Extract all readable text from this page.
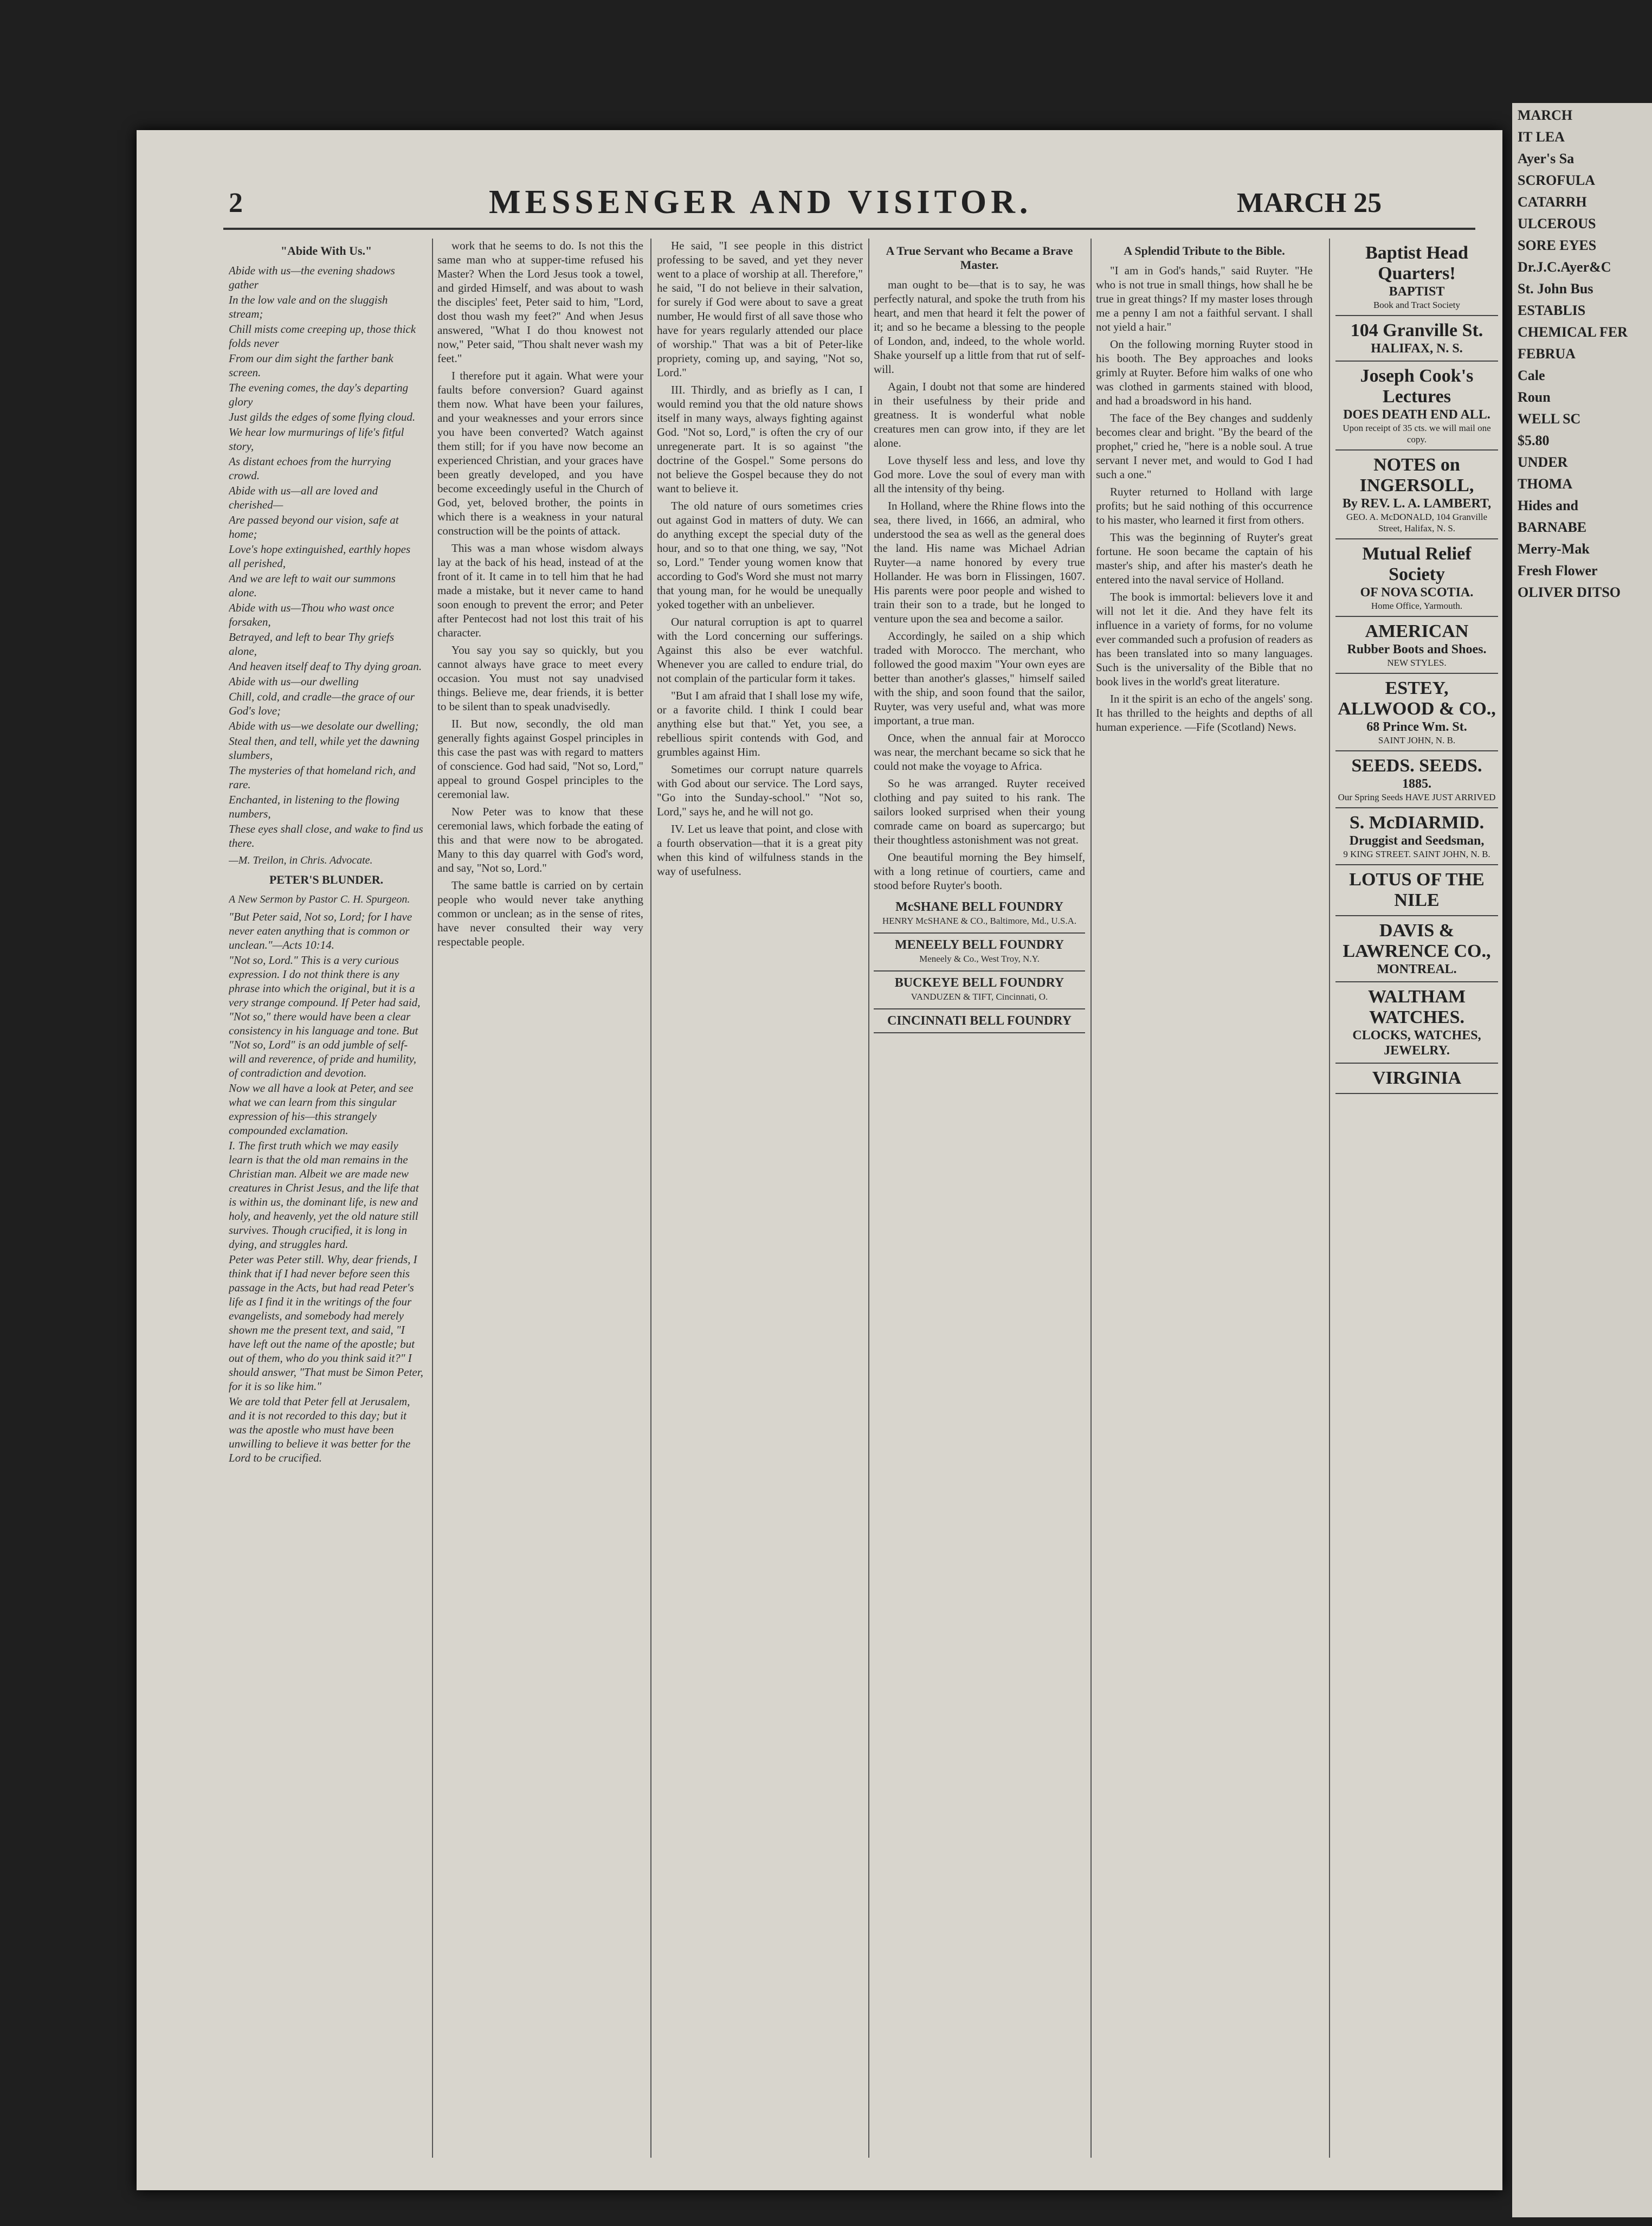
2	MESSENGER AND VISITOR.	MARCH 25
"Abide With Us."

Abide with us—the evening shadows gather

In the low vale and on the sluggish stream;

Chill mists come creeping up, those thick folds never

From our dim sight the farther bank screen.

The evening comes, the day's departing glory

Just gilds the edges of some flying cloud.

We hear low murmurings of life's fitful story,

As distant echoes from the hurrying crowd.

Abide with us—all are loved and cherished—

Are passed beyond our vision, safe at home;

Love's hope extinguished, earthly hopes all perished,

And we are left to wait our summons alone.

Abide with us—Thou who wast once forsaken,

Betrayed, and left to bear Thy griefs alone,

And heaven itself deaf to Thy dying groan.

Abide with us—our dwelling

Chill, cold, and cradle—the grace of our God's love;

Abide with us—we desolate our dwelling;

Steal then, and tell, while yet the dawning slumbers,

The mysteries of that homeland rich, and rare.

Enchanted, in listening to the flowing numbers,

These eyes shall close, and wake to find us there.

—M. Treilon, in Chris. Advocate.

PETER'S BLUNDER.

A New Sermon by Pastor C. H. Spurgeon.

"But Peter said, Not so, Lord; for I have never eaten anything that is common or unclean."—Acts 10:14.

"Not so, Lord." This is a very curious expression. I do not think there is any phrase into which the original, but it is a very strange compound. If Peter had said, "Not so," there would have been a clear consistency in his language and tone. But "Not so, Lord" is an odd jumble of self-will and reverence, of pride and humility, of contradiction and devotion.

Now we all have a look at Peter, and see what we can learn from this singular expression of his—this strangely compounded exclamation.

I. The first truth which we may easily learn is that the old man remains in the Christian man. Albeit we are made new creatures in Christ Jesus, and the life that is within us, the dominant life, is new and holy, and heavenly, yet the old nature still survives. Though crucified, it is long in dying, and struggles hard.

Peter was Peter still. Why, dear friends, I think that if I had never before seen this passage in the Acts, but had read Peter's life as I find it in the writings of the four evangelists, and somebody had merely shown me the present text, and said, "I have left out the name of the apostle; but out of them, who do you think said it?" I should answer, "That must be Simon Peter, for it is so like him."

We are told that Peter fell at Jerusalem, and it is not recorded to this day; but it was the apostle who must have been unwilling to believe it was better for the Lord to be crucified.

work that he seems to do. Is not this the same man who at supper-time refused his Master? When the Lord Jesus took a towel, and girded Himself, and was about to wash the disciples' feet, Peter said to him, "Lord, dost thou wash my feet?" And when Jesus answered, "What I do thou knowest not now," Peter said, "Thou shalt never wash my feet."

I therefore put it again. What were your faults before conversion? Guard against them now. What have been your failures, and your weaknesses and your errors since you have been converted? Watch against them still; for if you have now become an experienced Christian, and your graces have been greatly developed, and you have become exceedingly useful in the Church of God, yet, beloved brother, the points in which there is a weakness in your natural construction will be the points of attack.

This was a man whose wisdom always lay at the back of his head, instead of at the front of it. It came in to tell him that he had made a mistake, but it never came to hand soon enough to prevent the error; and Peter after Pentecost had not lost this trait of his character.

You say you say so quickly, but you cannot always have grace to meet every occasion. You must not say unadvised things. Believe me, dear friends, it is better to be silent than to speak unadvisedly.

II. But now, secondly, the old man generally fights against Gospel principles in this case the past was with regard to matters of conscience. God had said, "Not so, Lord," appeal to ground Gospel principles to the ceremonial law.

Now Peter was to know that these ceremonial laws, which forbade the eating of this and that were now to be abrogated. Many to this day quarrel with God's word, and say, "Not so, Lord."

The same battle is carried on by certain people who would never take anything common or unclean; as in the sense of rites, have never consulted their way very respectable people.

He said, "I see people in this district professing to be saved, and yet they never went to a place of worship at all. Therefore," he said, "I do not believe in their salvation, for surely if God were about to save a great number, He would first of all save those who have for years regularly attended our place of worship." That was a bit of Peter-like propriety, coming up, and saying, "Not so, Lord."

III. Thirdly, and as briefly as I can, I would remind you that the old nature shows itself in many ways, always fighting against God. "Not so, Lord," is often the cry of our unregenerate part. It is so against "the doctrine of the Gospel." Some persons do not believe the Gospel because they do not want to believe it.

The old nature of ours sometimes cries out against God in matters of duty. We can do anything except the special duty of the hour, and so to that one thing, we say, "Not so, Lord." Tender young women know that according to God's Word she must not marry that young man, for he would be unequally yoked together with an unbeliever.

Our natural corruption is apt to quarrel with the Lord concerning our sufferings. Against this also be ever watchful. Whenever you are called to endure trial, do not complain of the particular form it takes.

"But I am afraid that I shall lose my wife, or a favorite child. I think I could bear anything else but that." Yet, you see, a rebellious spirit contends with God, and grumbles against Him.

Sometimes our corrupt nature quarrels with God about our service. The Lord says, "Go into the Sunday-school." "Not so, Lord," says he, and he will not go.

IV. Let us leave that point, and close with a fourth observation—that it is a great pity when this kind of wilfulness stands in the way of usefulness.

A True Servant who Became a Brave Master.

man ought to be—that is to say, he was perfectly natural, and spoke the truth from his heart, and men that heard it felt the power of it; and so he became a blessing to the people of London, and, indeed, to the whole world. Shake yourself up a little from that rut of self-will.

Again, I doubt not that some are hindered in their usefulness by their pride and greatness. It is wonderful what noble creatures men can grow into, if they are let alone.

Love thyself less and less, and love thy God more. Love the soul of every man with all the intensity of thy being.

In Holland, where the Rhine flows into the sea, there lived, in 1666, an admiral, who understood the sea as well as the general does the land. His name was Michael Adrian Ruyter—a name honored by every true Hollander. He was born in Flissingen, 1607. His parents were poor people and wished to train their son to a trade, but he longed to venture upon the sea and become a sailor.

Accordingly, he sailed on a ship which traded with Morocco. The merchant, who followed the good maxim "Your own eyes are better than another's glasses," himself sailed with the ship, and soon found that the sailor, Ruyter, was very useful and, what was more important, a true man.

Once, when the annual fair at Morocco was near, the merchant became so sick that he could not make the voyage to Africa.

So he was arranged. Ruyter received clothing and pay suited to his rank. The sailors looked surprised when their young comrade came on board as supercargo; but their thoughtless astonishment was not great.

One beautiful morning the Bey himself, with a long retinue of courtiers, came and stood before Ruyter's booth.

McSHANE BELL FOUNDRY
HENRY McSHANE & CO., Baltimore, Md., U.S.A.
MENEELY BELL FOUNDRY
Meneely & Co., West Troy, N.Y.
BUCKEYE BELL FOUNDRY
VANDUZEN & TIFT, Cincinnati, O.
CINCINNATI BELL FOUNDRY
A Splendid Tribute to the Bible.

"I am in God's hands," said Ruyter. "He who is not true in small things, how shall he be true in great things? If my master loses through me a penny I am not a faithful servant. I shall not yield a hair."

On the following morning Ruyter stood in his booth. The Bey approaches and looks grimly at Ruyter. Before him walks of one who was clothed in garments stained with blood, and had a broadsword in his hand.

The face of the Bey changes and suddenly becomes clear and bright. "By the beard of the prophet," cried he, "here is a noble soul. A true servant I never met, and would to God I had such a one."

Ruyter returned to Holland with large profits; but he said nothing of this occurrence to his master, who learned it first from others.

This was the beginning of Ruyter's great fortune. He soon became the captain of his master's ship, and after his master's death he entered into the naval service of Holland.

The book is immortal: believers love it and will not let it die. And they have felt its influence in a variety of forms, for no volume ever commanded such a profusion of readers as has been translated into so many languages. Such is the universality of the Bible that no book lives in the world's great literature.

In it the spirit is an echo of the angels' song. It has thrilled to the heights and depths of all human experience. —Fife (Scotland) News.

Baptist Head Quarters!
BAPTIST
Book and Tract Society
104 Granville St.
HALIFAX, N. S.
Joseph Cook's Lectures
DOES DEATH END ALL.
Upon receipt of 35 cts. we will mail one copy.
NOTES on INGERSOLL,
By REV. L. A. LAMBERT,
GEO. A. McDONALD, 104 Granville Street, Halifax, N. S.
Mutual Relief Society
OF NOVA SCOTIA.
Home Office, Yarmouth.
AMERICAN
Rubber Boots and Shoes.
NEW STYLES.
ESTEY, ALLWOOD & CO.,
68 Prince Wm. St.
SAINT JOHN, N. B.
SEEDS. SEEDS.
1885.
Our Spring Seeds HAVE JUST ARRIVED
S. McDIARMID.
Druggist and Seedsman,
9 KING STREET. SAINT JOHN, N. B.
LOTUS OF THE NILE
DAVIS & LAWRENCE CO.,
MONTREAL.
WALTHAM WATCHES.
CLOCKS, WATCHES, JEWELRY.
VIRGINIA
MARCH
IT LEA
Ayer's Sa
SCROFULA
CATARRH
ULCEROUS
SORE EYES
Dr.J.C.Ayer&C
St. John Bus
ESTABLIS
CHEMICAL FER
FEBRUA
Cale
Roun
WELL SC
$5.80
UNDER
THOMA
Hides and
BARNABE
Merry-Mak
Fresh Flower
OLIVER DITSO
